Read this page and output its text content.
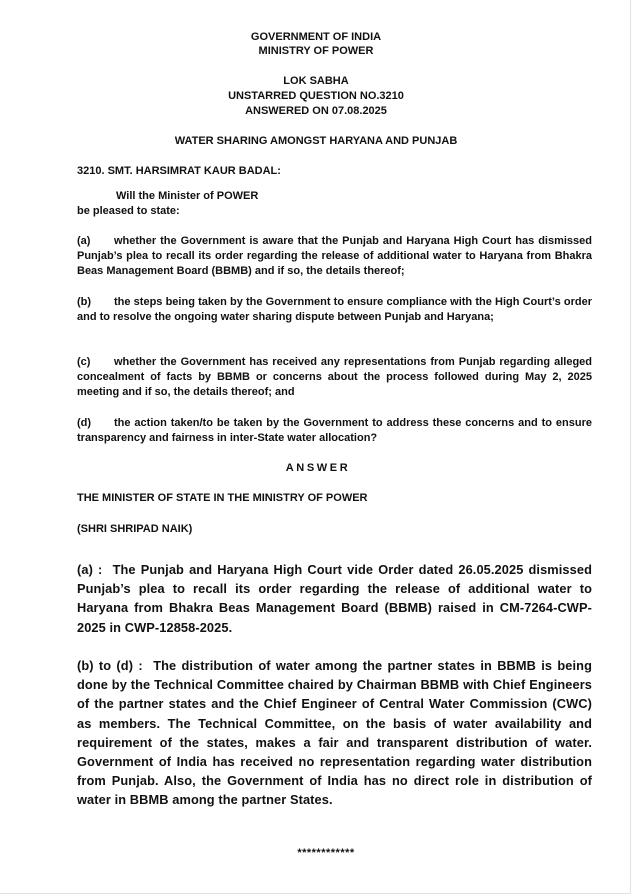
GOVERNMENT OF INDIA
MINISTRY OF POWER
LOK SABHA
UNSTARRED QUESTION NO.3210
ANSWERED ON 07.08.2025
WATER SHARING AMONGST HARYANA AND PUNJAB
3210. SMT. HARSIMRAT KAUR BADAL:
Will the Minister of POWER
be pleased to state:
(a) whether the Government is aware that the Punjab and Haryana High Court has dismissed Punjab’s plea to recall its order regarding the release of additional water to Haryana from Bhakra Beas Management Board (BBMB) and if so, the details thereof;
(b) the steps being taken by the Government to ensure compliance with the High Court’s order and to resolve the ongoing water sharing dispute between Punjab and Haryana;
(c) whether the Government has received any representations from Punjab regarding alleged concealment of facts by BBMB or concerns about the process followed during May 2, 2025 meeting and if so, the details thereof; and
(d) the action taken/to be taken by the Government to address these concerns and to ensure transparency and fairness in inter-State water allocation?
ANSWER
THE MINISTER OF STATE IN THE MINISTRY OF POWER
(SHRI SHRIPAD NAIK)
(a) : The Punjab and Haryana High Court vide Order dated 26.05.2025 dismissed Punjab’s plea to recall its order regarding the release of additional water to Haryana from Bhakra Beas Management Board (BBMB) raised in CM-7264-CWP-2025 in CWP-12858-2025.
(b) to (d) : The distribution of water among the partner states in BBMB is being done by the Technical Committee chaired by Chairman BBMB with Chief Engineers of the partner states and the Chief Engineer of Central Water Commission (CWC) as members. The Technical Committee, on the basis of water availability and requirement of the states, makes a fair and transparent distribution of water. Government of India has received no representation regarding water distribution from Punjab. Also, the Government of India has no direct role in distribution of water in BBMB among the partner States.
************
